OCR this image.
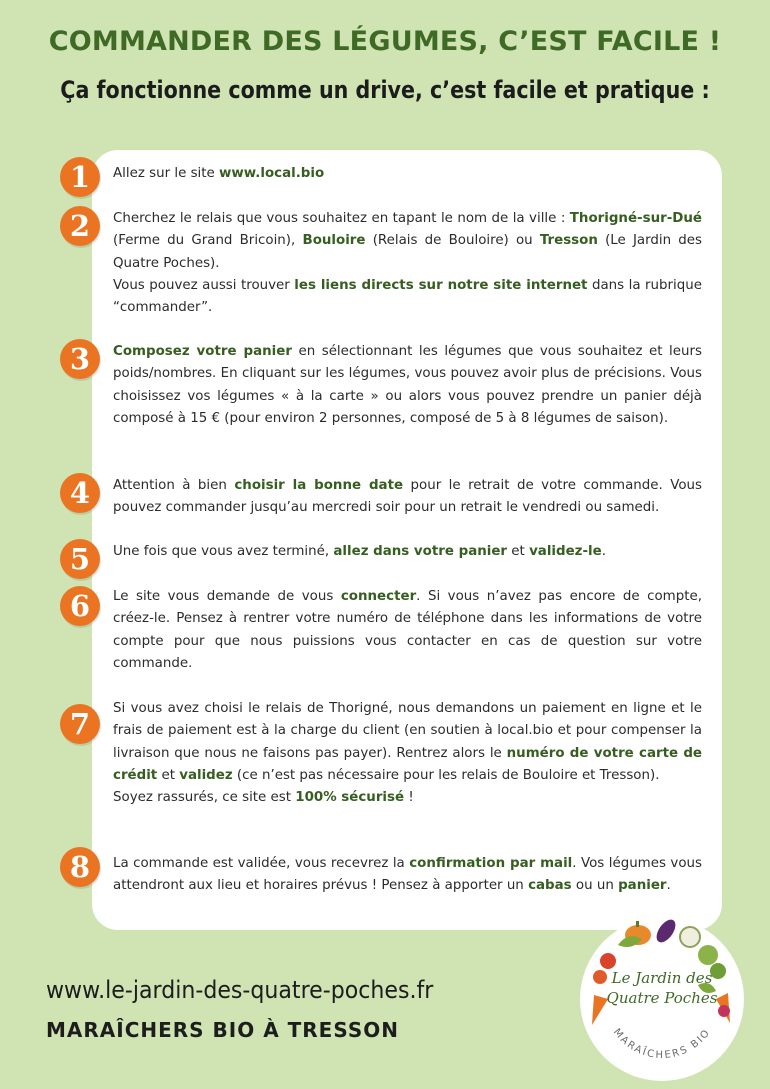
COMMANDER DES LÉGUMES, C’EST FACILE !
Ça fonctionne comme un drive, c’est facile et pratique :
1	Allez sur le site www.local.bio
2	Cherchez le relais que vous souhaitez en tapant le nom de la ville : Thorigné-sur-Dué (Ferme du Grand Bricoin), Bouloire (Relais de Bouloire) ou Tresson (Le Jardin des Quatre Poches).

Vous pouvez aussi trouver les liens directs sur notre site internet dans la rubrique “commander”.

3	Composez votre panier en sélectionnant les légumes que vous souhaitez et leurs poids/nombres. En cliquant sur les légumes, vous pouvez avoir plus de précisions. Vous choisissez vos légumes « à la carte » ou alors vous pouvez prendre un panier déjà composé à 15 € (pour environ 2 personnes, composé de 5 à 8 légumes de saison).
4	Attention à bien choisir la bonne date pour le retrait de votre commande. Vous pouvez commander jusqu’au mercredi soir pour un retrait le vendredi ou samedi.
5	Une fois que vous avez terminé, allez dans votre panier et validez-le.
6	Le site vous demande de vous connecter. Si vous n’avez pas encore de compte, créez-le. Pensez à rentrer votre numéro de téléphone dans les informations de votre compte pour que nous puissions vous contacter en cas de question sur votre commande.
7	Si vous avez choisi le relais de Thorigné, nous demandons un paiement en ligne et le frais de paiement est à la charge du client (en soutien à local.bio et pour compenser la livraison que nous ne faisons pas payer). Rentrez alors le numéro de votre carte de crédit et validez (ce n’est pas nécessaire pour les relais de Bouloire et Tresson).

Soyez rassurés, ce site est 100% sécurisé !

8	La commande est validée, vous recevrez la confirmation par mail. Vos légumes vous attendront aux lieu et horaires prévus ! Pensez à apporter un cabas ou un panier.
www.le-jardin-des-quatre-poches.fr
MARAÎCHERS BIO À TRESSON
Le Jardin des
Quatre Poches
MARAÎCHERS BIO
